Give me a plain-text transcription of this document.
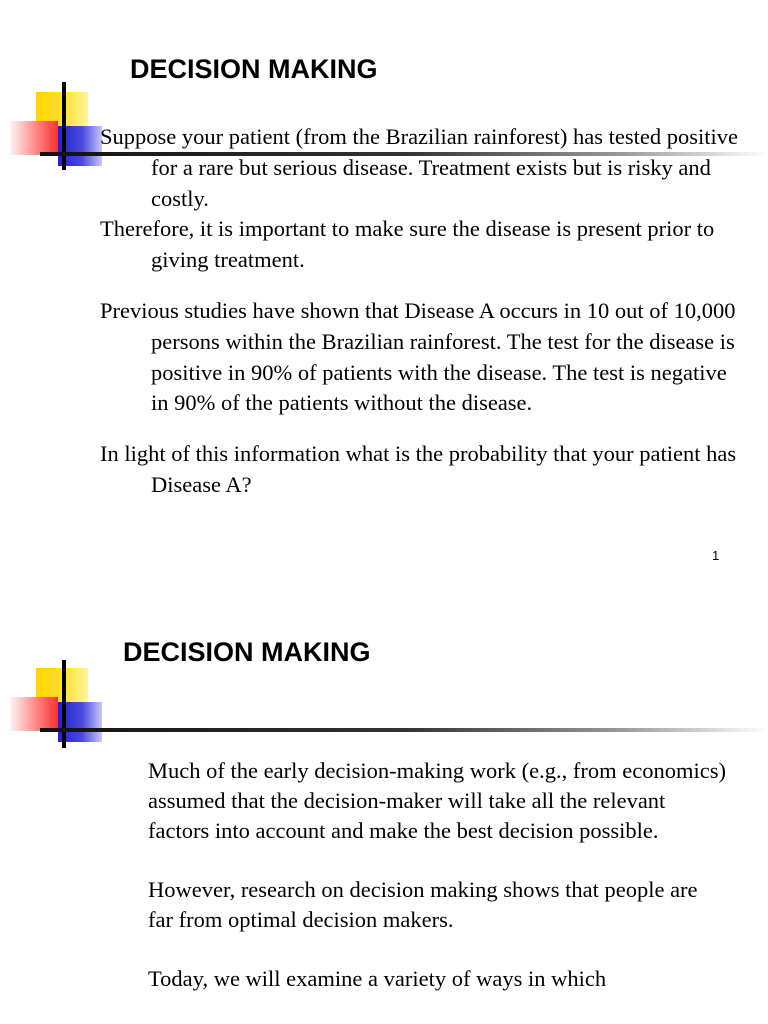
DECISION MAKING

Suppose your patient (from the Brazilian rainforest) has tested positive for a rare but serious disease. Treatment exists but is risky and costly.
Therefore, it is important to make sure the disease is present prior to giving treatment.

Previous studies have shown that Disease A occurs in 10 out of 10,000 persons within the Brazilian rainforest. The test for the disease is positive in 90% of patients with the disease. The test is negative in 90% of the patients without the disease.

In light of this information what is the probability that your patient has Disease A?

1
DECISION MAKING

Much of the early decision-making work (e.g., from economics) assumed that the decision-maker will take all the relevant factors into account and make the best decision possible.

However, research on decision making shows that people are far from optimal decision makers.

Today, we will examine a variety of ways in which
